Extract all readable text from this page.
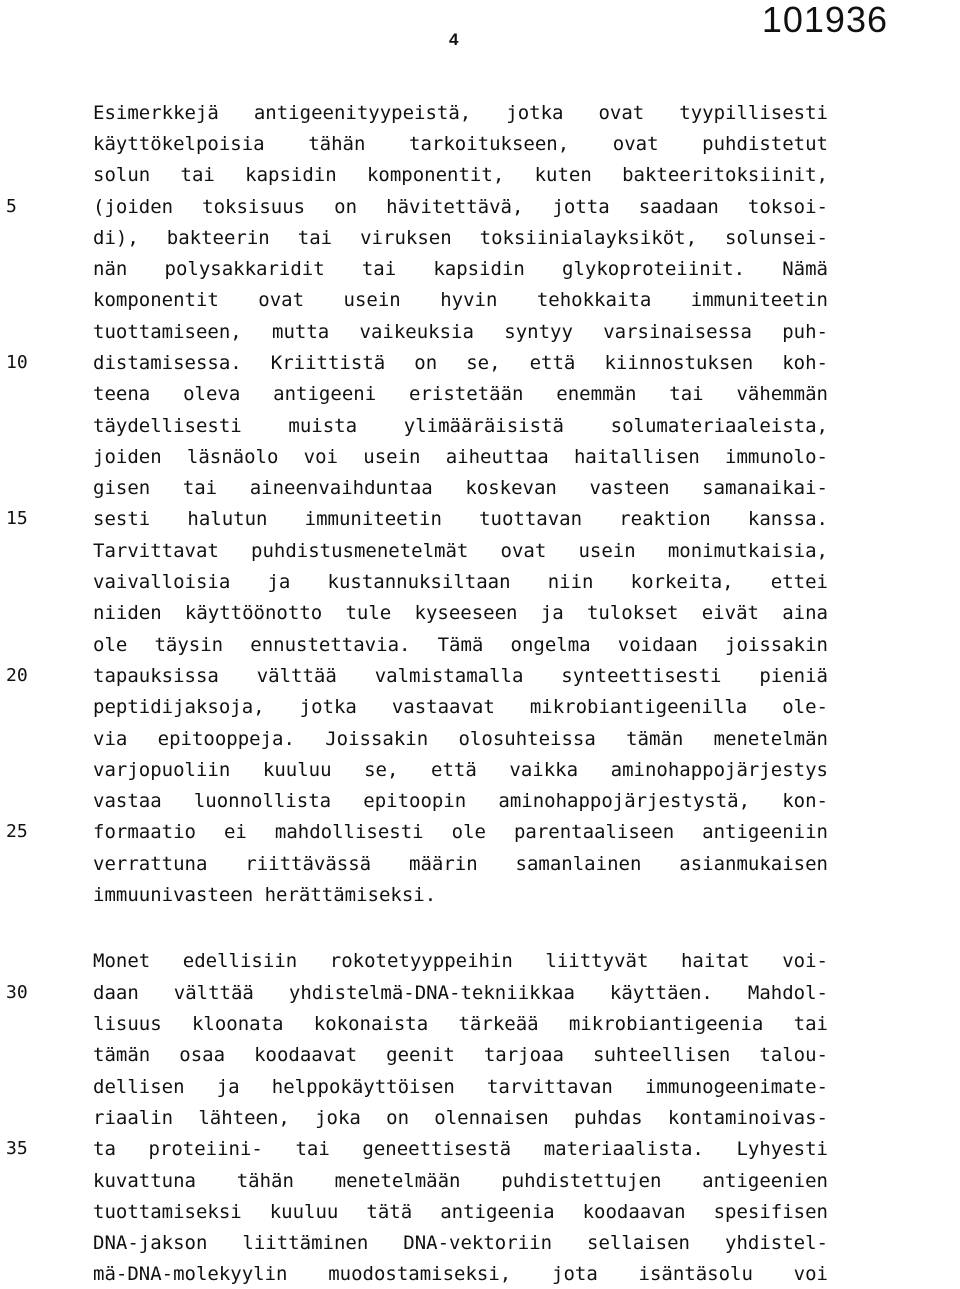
101936
4
Esimerkkejä antigeenityypeistä, jotka ovat tyypillisesti
käyttökelpoisia tähän tarkoitukseen, ovat puhdistetut
solun tai kapsidin komponentit, kuten bakteeritoksiinit,
(joiden toksisuus on hävitettävä, jotta saadaan toksoi-
di), bakteerin tai viruksen toksiinialayksiköt, solunsei-
nän polysakkaridit tai kapsidin glykoproteiinit. Nämä
komponentit ovat usein hyvin tehokkaita immuniteetin
tuottamiseen, mutta vaikeuksia syntyy varsinaisessa puh-
distamisessa. Kriittistä on se, että kiinnostuksen koh-
teena oleva antigeeni eristetään enemmän tai vähemmän
täydellisesti muista ylimääräisistä solumateriaaleista,
joiden läsnäolo voi usein aiheuttaa haitallisen immunolo-
gisen tai aineenvaihduntaa koskevan vasteen samanaikai-
sesti halutun immuniteetin tuottavan reaktion kanssa.
Tarvittavat puhdistusmenetelmät ovat usein monimutkaisia,
vaivalloisia ja kustannuksiltaan niin korkeita, ettei
niiden käyttöönotto tule kyseeseen ja tulokset eivät aina
ole täysin ennustettavia. Tämä ongelma voidaan joissakin
tapauksissa välttää valmistamalla synteettisesti pieniä
peptidijaksoja, jotka vastaavat mikrobiantigeenilla ole-
via epitooppeja. Joissakin olosuhteissa tämän menetelmän
varjopuoliin kuuluu se, että vaikka aminohappojärjestys
vastaa luonnollista epitoopin aminohappojärjestystä, kon-
formaatio ei mahdollisesti ole parentaaliseen antigeeniin
verrattuna riittävässä määrin samanlainen asianmukaisen
immuunivasteen herättämiseksi.
Monet edellisiin rokotetyyppeihin liittyvät haitat voi-
daan välttää yhdistelmä-DNA-tekniikkaa käyttäen. Mahdol-
lisuus kloonata kokonaista tärkeää mikrobiantigeenia tai
tämän osaa koodaavat geenit tarjoaa suhteellisen talou-
dellisen ja helppokäyttöisen tarvittavan immunogeenimate-
riaalin lähteen, joka on olennaisen puhdas kontaminoivas-
ta proteiini- tai geneettisestä materiaalista. Lyhyesti
kuvattuna tähän menetelmään puhdistettujen antigeenien
tuottamiseksi kuuluu tätä antigeenia koodaavan spesifisen
DNA-jakson liittäminen DNA-vektoriin sellaisen yhdistel-
mä-DNA-molekyylin muodostamiseksi, jota isäntäsolu voi
5
10
15
20
25
30
35
